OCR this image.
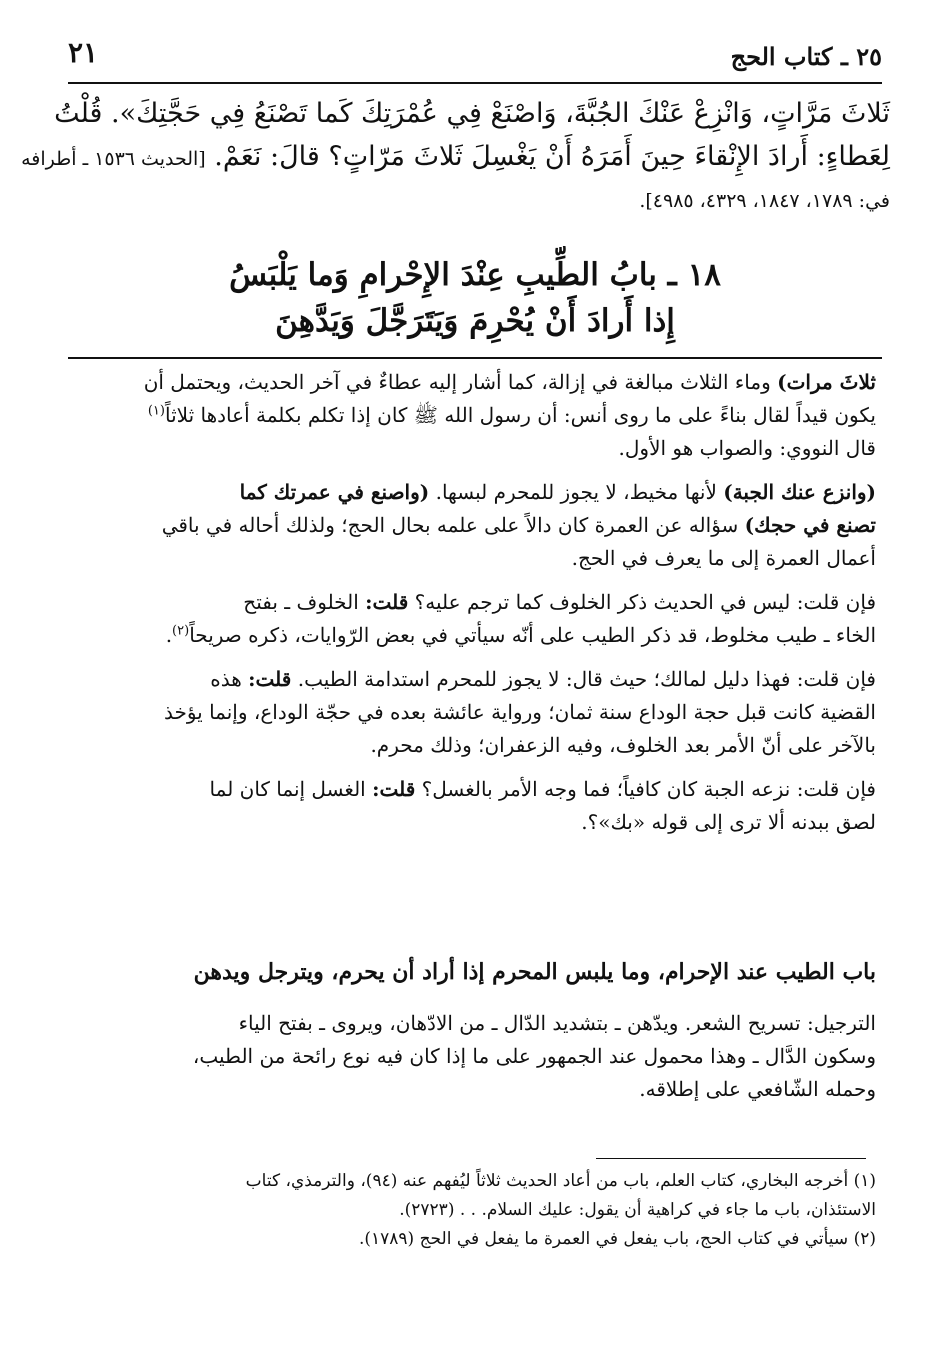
٢٥ ـ كتاب الحج
٢١
ثَلاثَ مَرَّاتٍ، وَانْزِعْ عَنْكَ الجُبَّةَ، وَاصْنَعْ فِي عُمْرَتِكَ كَما تَصْنَعُ فِي حَجَّتِكَ». قُلْتُ
لِعَطاءٍ: أَرادَ الإِنْقاءَ حِينَ أَمَرَهُ أَنْ يَغْسِلَ ثَلاثَ مَرّاتٍ؟ قالَ: نَعَمْ. [الحديث ١٥٣٦ ـ أطرافه
في: ١٧٨٩، ١٨٤٧، ٤٣٢٩، ٤٩٨٥].
١٨ ـ بابُ الطِّيبِ عِنْدَ الإِحْرامِ وَما يَلْبَسُ
إِذا أَرادَ أَنْ يُحْرِمَ وَيَتَرَجَّلَ وَيَدَّهِنَ
ثلاثَ مرات) وماء الثلاث مبالغة في إزالة، كما أشار إليه عطاءٌ في آخر الحديث، ويحتمل أن
يكون قيداً لقال بناءً على ما روى أنس: أن رسول الله ﷺ كان إذا تكلم بكلمة أعادها ثلاثاً$^{(١)}$
قال النووي: والصواب هو الأول.
(وانزع عنك الجبة) لأنها مخيط، لا يجوز للمحرم لبسها. (واصنع في عمرتك كما
تصنع في حجك) سؤاله عن العمرة كان دالاً على علمه بحال الحج؛ ولذلك أحاله في باقي
أعمال العمرة إلى ما يعرف في الحج.
فإن قلت: ليس في الحديث ذكر الخلوف كما ترجم عليه؟ قلت: الخلوف ـ بفتح
الخاء ـ طيب مخلوط، قد ذكر الطيب على أنّه سيأتي في بعض الرّوايات، ذكره صريحاً$^{(٢)}$.
فإن قلت: فهذا دليل لمالك؛ حيث قال: لا يجوز للمحرم استدامة الطيب. قلت: هذه
القضية كانت قبل حجة الوداع سنة ثمان؛ ورواية عائشة بعده في حجّة الوداع، وإنما يؤخذ
بالآخر على أنّ الأمر بعد الخلوف، وفيه الزعفران؛ وذلك محرم.
فإن قلت: نزعه الجبة كان كافياً؛ فما وجه الأمر بالغسل؟ قلت: الغسل إنما كان لما
لصق ببدنه ألا ترى إلى قوله «بك»؟.
باب الطيب عند الإحرام، وما يلبس المحرم إذا أراد أن يحرم، ويترجل ويدهن
الترجيل: تسريح الشعر. ويدّهن ـ بتشديد الدّال ـ من الادّهان، ويروى ـ بفتح الياء
وسكون الدَّال ـ وهذا محمول عند الجمهور على ما إذا كان فيه نوع رائحة من الطيب،
وحمله الشّافعي على إطلاقه.
(١) أخرجه البخاري، كتاب العلم، باب من أعاد الحديث ثلاثاً ليُفهم عنه (٩٤)، والترمذي، كتاب
الاستئذان، باب ما جاء في كراهية أن يقول: عليك السلام. . . (٢٧٢٣).
(٢) سيأتي في كتاب الحج، باب يفعل في العمرة ما يفعل في الحج (١٧٨٩).
